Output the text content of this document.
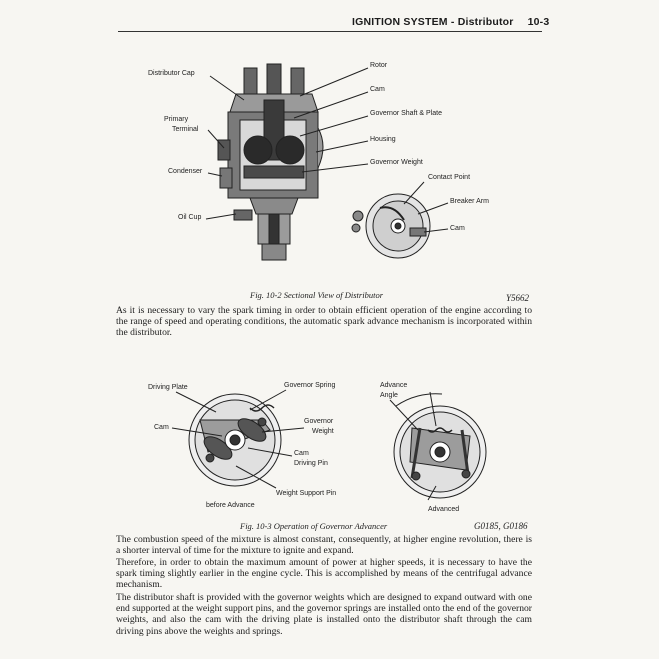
IGNITION SYSTEM - Distributor 10-3
Distributor Cap
Rotor
Cam
Governor Shaft & Plate
Primary
Terminal
Housing
Governor Weight
Condenser
Contact Point
Breaker Arm
Oil Cup
Cam
Fig. 10-2 Sectional View of Distributor	Y5662

As it is necessary to vary the spark timing in order to obtain efficient operation of the engine according to the range of speed and operating conditions, the automatic spark advance mechanism is incorporated within the distributor.

Driving Plate	Governor Spring
Cam
Governor
Weight
Cam
Driving Pin
Weight Support Pin
before Advance
Advance
Angle
Advanced
Fig. 10-3 Operation of Governor Advancer	G0185, G0186

The combustion speed of the mixture is almost constant, consequently, at higher engine revolution, there is a shorter interval of time for the mixture to ignite and expand.

Therefore, in order to obtain the maximum amount of power at higher speeds, it is necessary to have the spark timing slightly earlier in the engine cycle. This is accomplished by means of the centrifugal advance mechanism.

The distributor shaft is provided with the governor weights which are designed to expand outward with one end supported at the weight support pins, and the governor springs are installed onto the end of the governor weights, and also the cam with the driving plate is installed onto the distributor shaft through the cam driving pins above the weights and springs.
